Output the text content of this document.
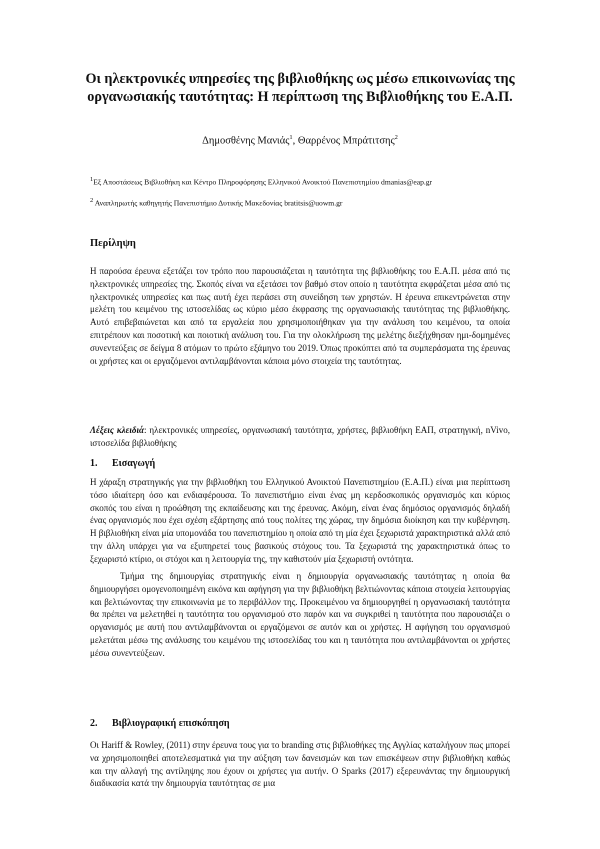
Οι ηλεκτρονικές υπηρεσίες της βιβλιοθήκης ως μέσω επικοινωνίας της οργανωσιακής ταυτότητας: Η περίπτωση της Βιβλιοθήκης του Ε.Α.Π.
Δημοσθένης Μανιάς$^1$, Θαρρένος Μπράτιτσης$^2$
$^1$Εξ Αποστάσεως Βιβλιοθήκη και Κέντρο Πληροφόρησης Ελληνικού Ανοικτού Πανεπιστημίου dmanias@eap.gr
$^2$ Αναπληρωτής καθηγητής Πανεπιστήμιο Δυτικής Μακεδονίας bratitsis@uowm.gr
Περίληψη

Η παρούσα έρευνα εξετάζει τον τρόπο που παρουσιάζεται η ταυτότητα της βιβλιοθήκης του Ε.Α.Π. μέσα από τις ηλεκτρονικές υπηρεσίες της. Σκοπός είναι να εξετάσει τον βαθμό στον οποίο η ταυτότητα εκφράζεται μέσα από τις ηλεκτρονικές υπηρεσίες και πως αυτή έχει περάσει στη συνείδηση των χρηστών. Η έρευνα επικεντρώνεται στην μελέτη του κειμένου της ιστοσελίδας ως κύριο μέσο έκφρασης της οργανωσιακής ταυτότητας της βιβλιοθήκης. Αυτό επιβεβαιώνεται και από τα εργαλεία που χρησιμοποιήθηκαν για την ανάλυση του κειμένου, τα οποία επιτρέπουν και ποσοτική και ποιοτική ανάλυση του. Για την ολοκλήρωση της μελέτης διεξήχθησαν ημι-δομημένες συνεντεύξεις σε δείγμα 8 ατόμων το πρώτο εξάμηνο του 2019. Όπως προκύπτει από τα συμπεράσματα της έρευνας οι χρήστες και οι εργαζόμενοι αντιλαμβάνονται κάποια μόνο στοιχεία της ταυτότητας.

Λέξεις κλειδιά: ηλεκτρονικές υπηρεσίες, οργανωσιακή ταυτότητα, χρήστες, βιβλιοθήκη ΕΑΠ, στρατηγική, nVivo, ιστοσελίδα βιβλιοθήκης

1. Εισαγωγή

Η χάραξη στρατηγικής για την βιβλιοθήκη του Ελληνικού Ανοικτού Πανεπιστημίου (Ε.Α.Π.) είναι μια περίπτωση τόσο ιδιαίτερη όσο και ενδιαφέρουσα. Το πανεπιστήμιο είναι ένας μη κερδοσκοπικός οργανισμός και κύριος σκοπός του είναι η προώθηση της εκπαίδευσης και της έρευνας. Ακόμη, είναι ένας δημόσιος οργανισμός δηλαδή ένας οργανισμός που έχει σχέση εξάρτησης από τους πολίτες της χώρας, την δημόσια διοίκηση και την κυβέρνηση. Η βιβλιοθήκη είναι μία υπομονάδα του πανεπιστημίου η οποία από τη μία έχει ξεχωριστά χαρακτηριστικά αλλά από την άλλη υπάρχει για να εξυπηρετεί τους βασικούς στόχους του. Τα ξεχωριστά της χαρακτηριστικά όπως το ξεχωριστό κτίριο, οι στόχοι και η λειτουργία της, την καθιστούν μία ξεχωριστή οντότητα.

Τμήμα της δημιουργίας στρατηγικής είναι η δημιουργία οργανωσιακής ταυτότητας η οποία θα δημιουργήσει ομογενοποιημένη εικόνα και αφήγηση για την βιβλιοθήκη βελτιώνοντας κάποια στοιχεία λειτουργίας και βελτιώνοντας την επικοινωνία με το περιβάλλον της. Προκειμένου να δημιουργηθεί η οργανωσιακή ταυτότητα θα πρέπει να μελετηθεί η ταυτότητα του οργανισμού στο παρόν και να συγκριθεί η ταυτότητα που παρουσιάζει ο οργανισμός με αυτή που αντιλαμβάνονται οι εργαζόμενοι σε αυτόν και οι χρήστες. Η αφήγηση του οργανισμού μελετάται μέσω της ανάλυσης του κειμένου της ιστοσελίδας του και η ταυτότητα που αντιλαμβάνονται οι χρήστες μέσω συνεντεύξεων.

2. Βιβλιογραφική επισκόπηση

Οι Hariff & Rowley, (2011) στην έρευνα τους για το branding στις βιβλιοθήκες της Αγγλίας καταλήγουν πως μπορεί να χρησιμοποιηθεί αποτελεσματικά για την αύξηση των δανεισμών και των επισκέψεων στην βιβλιοθήκη καθώς και την αλλαγή της αντίληψης που έχουν οι χρήστες για αυτήν. Ο Sparks (2017) εξερευνάντας την δημιουργική διαδικασία κατά την δημιουργία ταυτότητας σε μια
